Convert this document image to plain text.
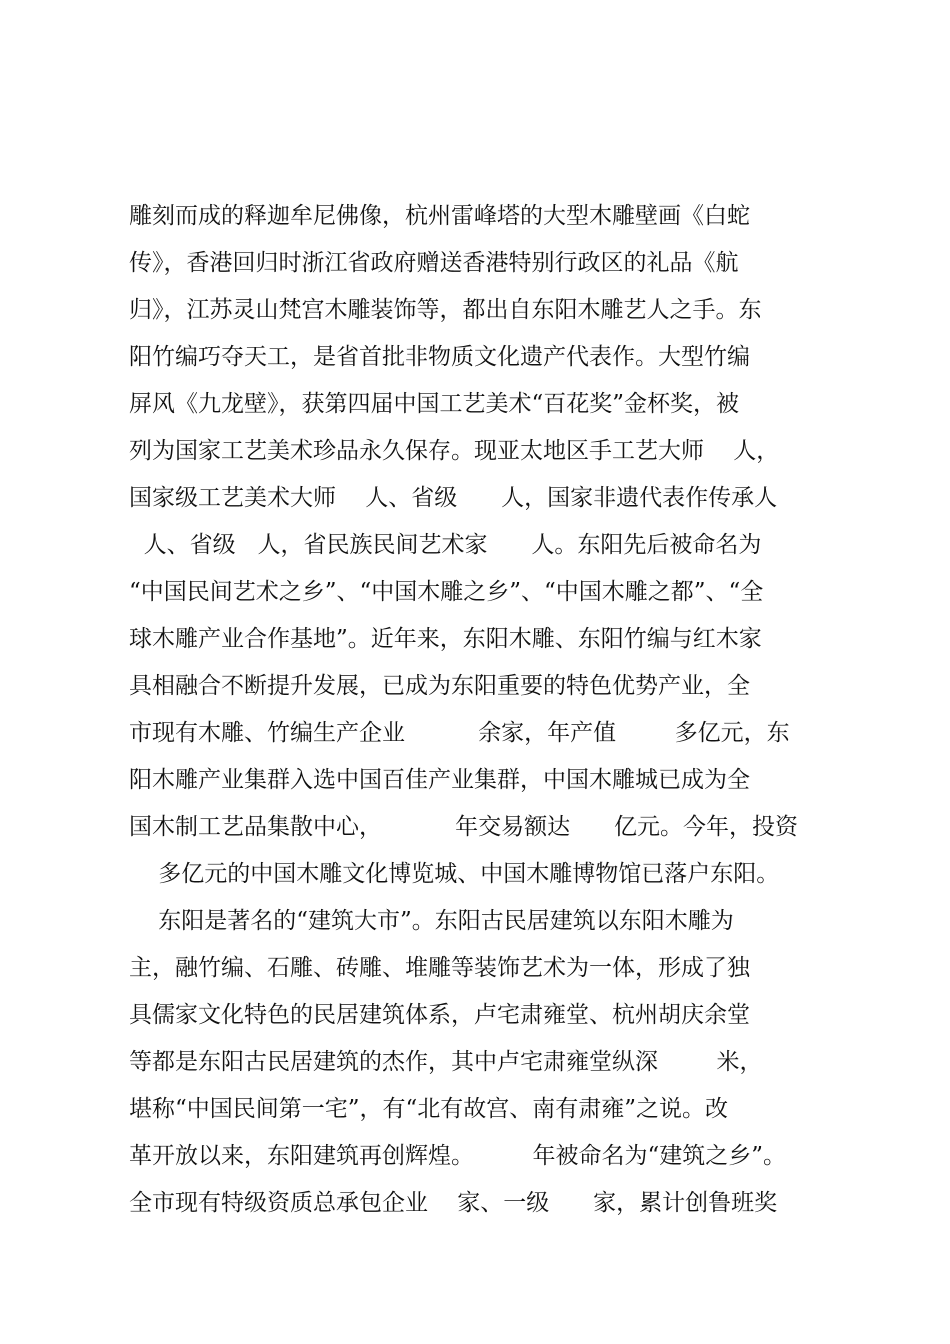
雕刻而成的释迦牟尼佛像，杭州雷峰塔的大型木雕壁画《白蛇
传》，香港回归时浙江省政府赠送香港特别行政区的礼品《航
归》，江苏灵山梵宫木雕装饰等，都出自东阳木雕艺人之手。东
阳竹编巧夺天工，是省首批非物质文化遗产代表作。大型竹编
屏风《九龙壁》，获第四届中国工艺美术“百花奖”金杯奖，被
列为国家工艺美术珍品永久保存。现亚太地区手工艺大师    人，
国家级工艺美术大师    人、省级      人，国家非遗代表作传承人
人、省级   人，省民族民间艺术家      人。东阳先后被命名为
“中国民间艺术之乡”、“中国木雕之乡”、“中国木雕之都”、“全
球木雕产业合作基地”。近年来，东阳木雕、东阳竹编与红木家
具相融合不断提升发展，已成为东阳重要的特色优势产业，全
市现有木雕、竹编生产企业          余家，年产值        多亿元，东
阳木雕产业集群入选中国百佳产业集群，中国木雕城已成为全
国木制工艺品集散中心，          年交易额达      亿元。今年，投资
多亿元的中国木雕文化博览城、中国木雕博物馆已落户东阳。
东阳是著名的“建筑大市”。东阳古民居建筑以东阳木雕为
主，融竹编、石雕、砖雕、堆雕等装饰艺术为一体，形成了独
具儒家文化特色的民居建筑体系，卢宅肃雍堂、杭州胡庆余堂
等都是东阳古民居建筑的杰作，其中卢宅肃雍堂纵深        米，
堪称“中国民间第一宅”，有“北有故宫、南有肃雍”之说。改
革开放以来，东阳建筑再创辉煌。        年被命名为“建筑之乡”。
全市现有特级资质总承包企业    家、一级      家，累计创鲁班奖
